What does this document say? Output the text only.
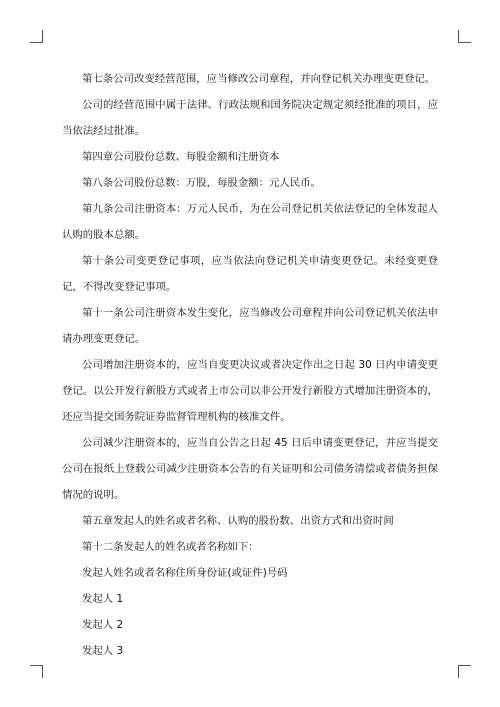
第七条公司改变经营范围，应当修改公司章程，并向登记机关办理变更登记。

公司的经营范围中属于法律、行政法规和国务院决定规定须经批准的项目，应当依法经过批准。

第四章公司股份总数、每股金额和注册资本

第八条公司股份总数：万股，每股金额：元人民币。

第九条公司注册资本：万元人民币，为在公司登记机关依法登记的全体发起人认购的股本总额。

第十条公司变更登记事项，应当依法向登记机关申请变更登记。未经变更登记，不得改变登记事项。

第十一条公司注册资本发生变化，应当修改公司章程并向公司登记机关依法申请办理变更登记。

公司增加注册资本的，应当自变更决议或者决定作出之日起 30 日内申请变更登记。以公开发行新股方式或者上市公司以非公开发行新股方式增加注册资本的，还应当提交国务院证券监督管理机构的核准文件。

公司减少注册资本的，应当自公告之日起 45 日后申请变更登记，并应当提交公司在报纸上登载公司减少注册资本公告的有关证明和公司债务清偿或者债务担保情况的说明。

第五章发起人的姓名或者名称、认购的股份数、出资方式和出资时间

第十二条发起人的姓名或者名称如下：

发起人姓名或者名称住所身份证(或证件)号码

发起人 1

发起人 2

发起人 3
